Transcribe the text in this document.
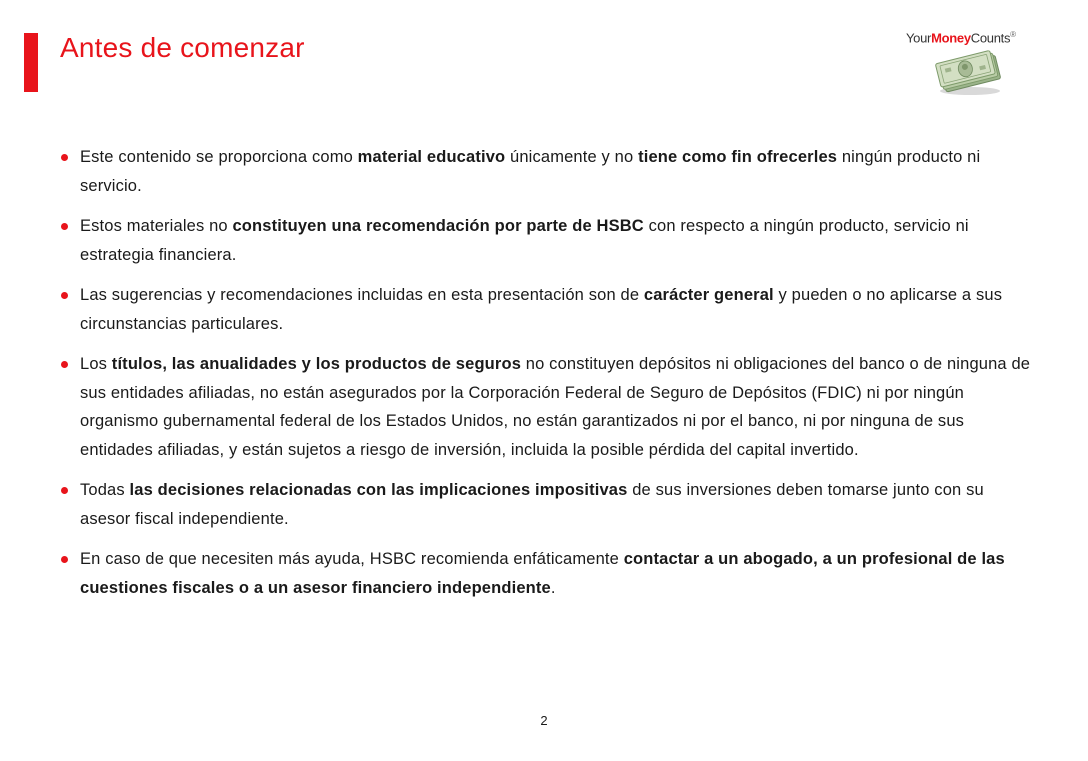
Antes de comenzar	YourMoneyCounts®
Este contenido se proporciona como material educativo únicamente y no tiene como fin ofrecerles ningún producto ni servicio.
Estos materiales no constituyen una recomendación por parte de HSBC con respecto a ningún producto, servicio ni estrategia financiera.
Las sugerencias y recomendaciones incluidas en esta presentación son de carácter general y pueden o no aplicarse a sus circunstancias particulares.
Los títulos, las anualidades y los productos de seguros no constituyen depósitos ni obligaciones del banco o de ninguna de sus entidades afiliadas, no están asegurados por la Corporación Federal de Seguro de Depósitos (FDIC) ni por ningún organismo gubernamental federal de los Estados Unidos, no están garantizados ni por el banco, ni por ninguna de sus entidades afiliadas, y están sujetos a riesgo de inversión, incluida la posible pérdida del capital invertido.
Todas las decisiones relacionadas con las implicaciones impositivas de sus inversiones deben tomarse junto con su asesor fiscal independiente.
En caso de que necesiten más ayuda, HSBC recomienda enfáticamente contactar a un abogado, a un profesional de las cuestiones fiscales o a un asesor financiero independiente.
2
